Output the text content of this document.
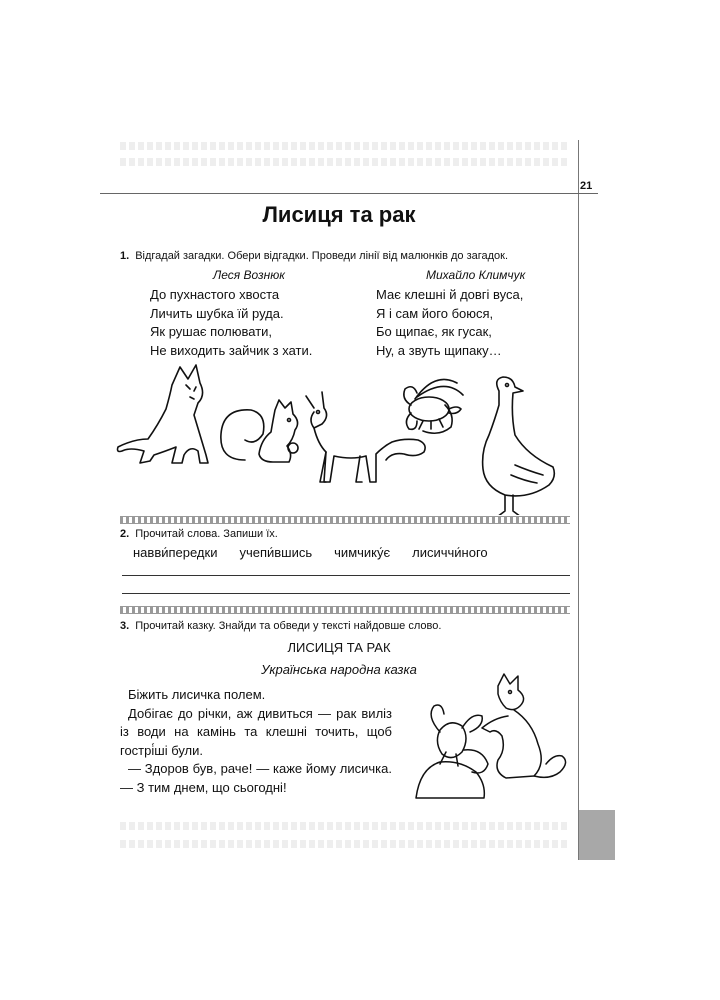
21
Лисиця та рак
1. Відгадай загадки. Обери відгадки. Проведи лінії від малюнків до загадок.
Леся Вознюк	Михайло Климчук
До пухнастого хвоста
Личить шубка їй руда.
Як рушає полювати,
Не виходить зайчик з хати.
Має клешні й довгі вуса,
Я і сам його боюся,
Бо щипає, як гусак,
Ну, а звуть щипаку…
2. Прочитай слова. Запиши їх.
навви́передки учепи́вшись чимчику́є лисиччи́ного
3. Прочитай казку. Знайди та обведи у тексті найдовше слово.
ЛИСИЦЯ ТА РАК
Українська народна казка

Біжить лисичка полем.

Добігає до річки, аж дивиться — рак виліз із води на камінь та клешні точить, щоб гострі́ші були.

— Здоров був, раче! — каже йому лисичка. — З тим днем, що сьогодні!
